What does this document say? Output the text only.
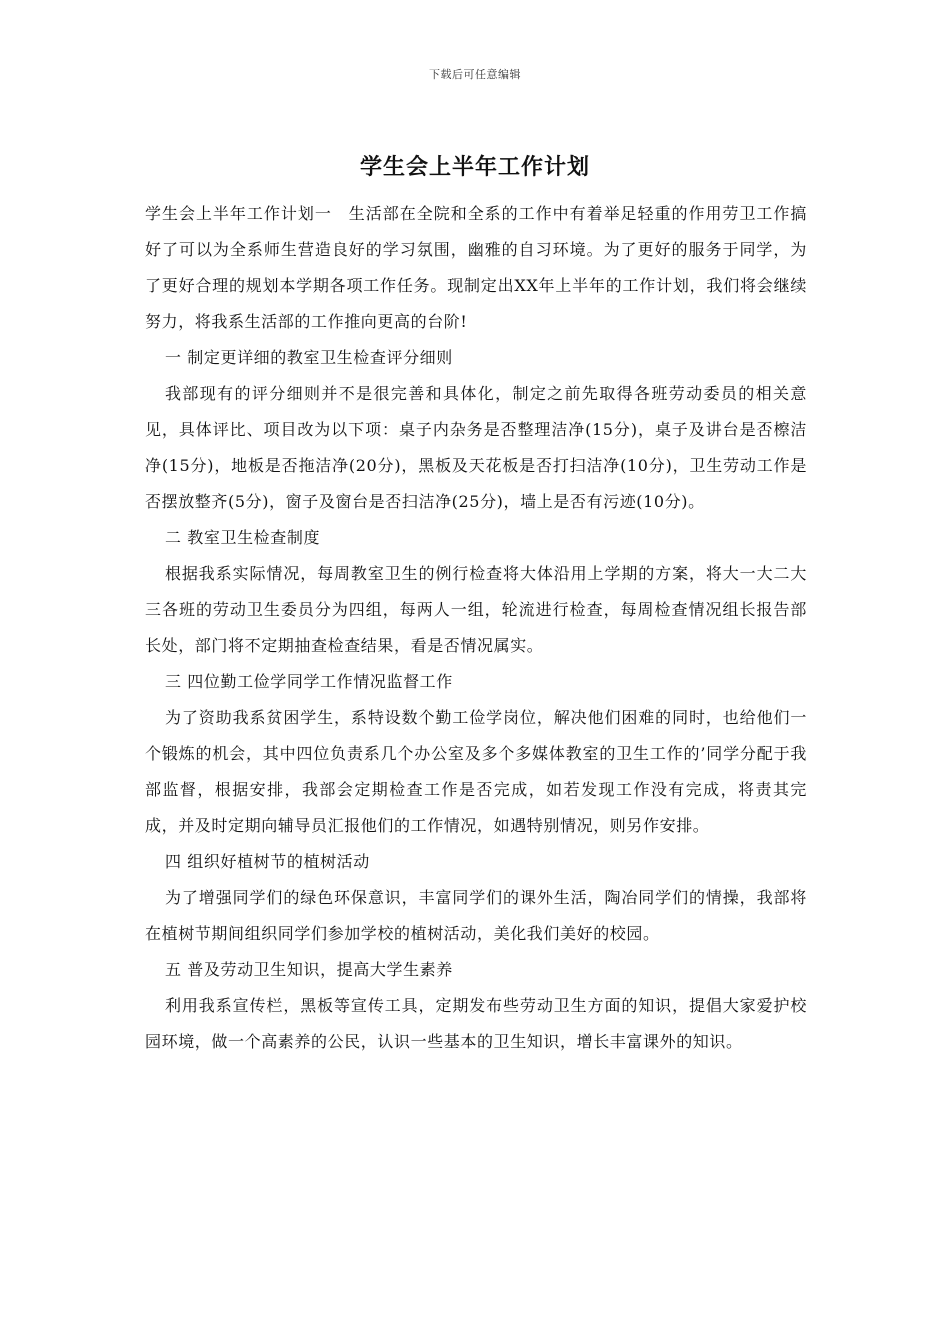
下载后可任意编辑
学生会上半年工作计划

学生会上半年工作计划一　生活部在全院和全系的工作中有着举足轻重的作用劳卫工作搞好了可以为全系师生营造良好的学习氛围，幽雅的自习环境。为了更好的服务于同学，为了更好合理的规划本学期各项工作任务。现制定出XX年上半年的工作计划，我们将会继续努力，将我系生活部的工作推向更高的台阶!

一 制定更详细的教室卫生检查评分细则

我部现有的评分细则并不是很完善和具体化，制定之前先取得各班劳动委员的相关意见，具体评比、项目改为以下项：桌子内杂务是否整理洁净(15分)，桌子及讲台是否檫洁净(15分)，地板是否拖洁净(20分)，黑板及天花板是否打扫洁净(10分)，卫生劳动工作是否摆放整齐(5分)，窗子及窗台是否扫洁净(25分)，墙上是否有污迹(10分)。

二 教室卫生检查制度

根据我系实际情况，每周教室卫生的例行检查将大体沿用上学期的方案，将大一大二大三各班的劳动卫生委员分为四组，每两人一组，轮流进行检查，每周检查情况组长报告部长处，部门将不定期抽查检查结果，看是否情况属实。

三 四位勤工俭学同学工作情况监督工作

为了资助我系贫困学生，系特设数个勤工俭学岗位，解决他们困难的同时，也给他们一个锻炼的机会，其中四位负责系几个办公室及多个多媒体教室的卫生工作的’同学分配于我部监督，根据安排，我部会定期检查工作是否完成，如若发现工作没有完成，将责其完成，并及时定期向辅导员汇报他们的工作情况，如遇特别情况，则另作安排。

四 组织好植树节的植树活动

为了增强同学们的绿色环保意识，丰富同学们的课外生活，陶冶同学们的情操，我部将在植树节期间组织同学们参加学校的植树活动，美化我们美好的校园。

五 普及劳动卫生知识，提高大学生素养

利用我系宣传栏，黑板等宣传工具，定期发布些劳动卫生方面的知识，提倡大家爱护校园环境，做一个高素养的公民，认识一些基本的卫生知识，增长丰富课外的知识。
